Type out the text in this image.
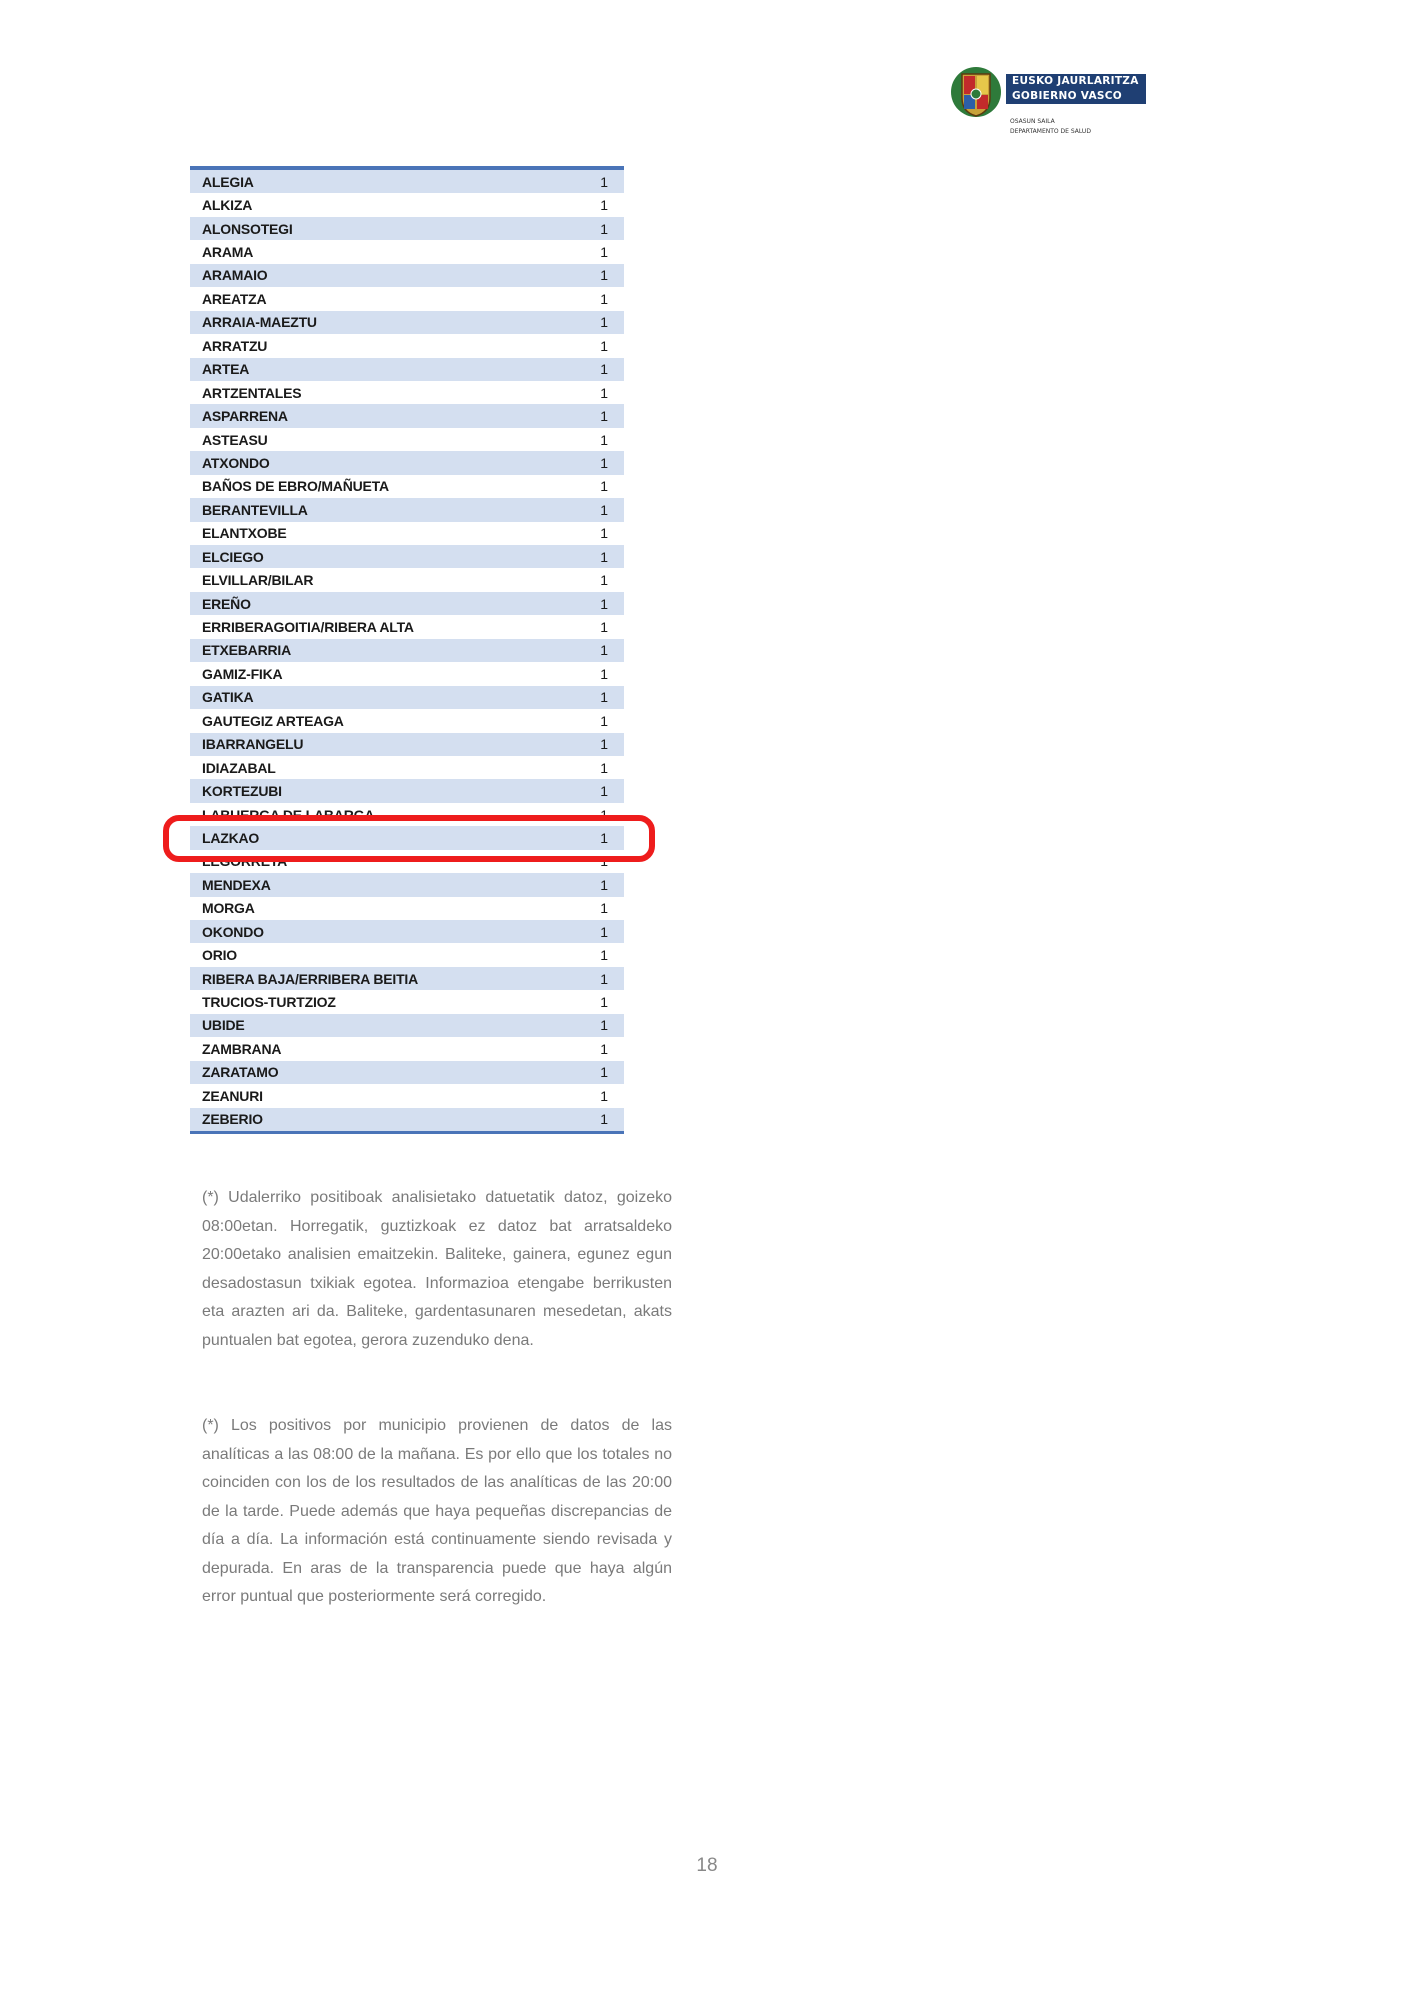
EUSKO JAURLARITZA
GOBIERNO VASCO
OSASUN SAILA
DEPARTAMENTO DE SALUD
ALEGIA	1
ALKIZA	1
ALONSOTEGI	1
ARAMA	1
ARAMAIO	1
AREATZA	1
ARRAIA-MAEZTU	1
ARRATZU	1
ARTEA	1
ARTZENTALES	1
ASPARRENA	1
ASTEASU	1
ATXONDO	1
BAÑOS DE EBRO/MAÑUETA	1
BERANTEVILLA	1
ELANTXOBE	1
ELCIEGO	1
ELVILLAR/BILAR	1
EREÑO	1
ERRIBERAGOITIA/RIBERA ALTA	1
ETXEBARRIA	1
GAMIZ-FIKA	1
GATIKA	1
GAUTEGIZ ARTEAGA	1
IBARRANGELU	1
IDIAZABAL	1
KORTEZUBI	1
LABUERGA DE LABARGA	1
LAZKAO	1
LEGORRETA	1
MENDEXA	1
MORGA	1
OKONDO	1
ORIO	1
RIBERA BAJA/ERRIBERA BEITIA	1
TRUCIOS-TURTZIOZ	1
UBIDE	1
ZAMBRANA	1
ZARATAMO	1
ZEANURI	1
ZEBERIO	1

(*) Udalerriko positiboak analisietako datuetatik datoz, goizeko 08:00etan. Horregatik, guztizkoak ez datoz bat arratsaldeko 20:00etako analisien emaitzekin. Baliteke, gainera, egunez egun desadostasun txikiak egotea. Informazioa etengabe berrikusten eta arazten ari da. Baliteke, gardentasunaren mesedetan, akats puntualen bat egotea, gerora zuzenduko dena.

(*) Los positivos por municipio provienen de datos de las analíticas a las 08:00 de la mañana. Es por ello que los totales no coinciden con los de los resultados de las analíticas de las 20:00 de la tarde. Puede además que haya pequeñas discrepancias de día a día. La información está continuamente siendo revisada y depurada. En aras de la transparencia puede que haya algún error puntual que posteriormente será corregido.

18
